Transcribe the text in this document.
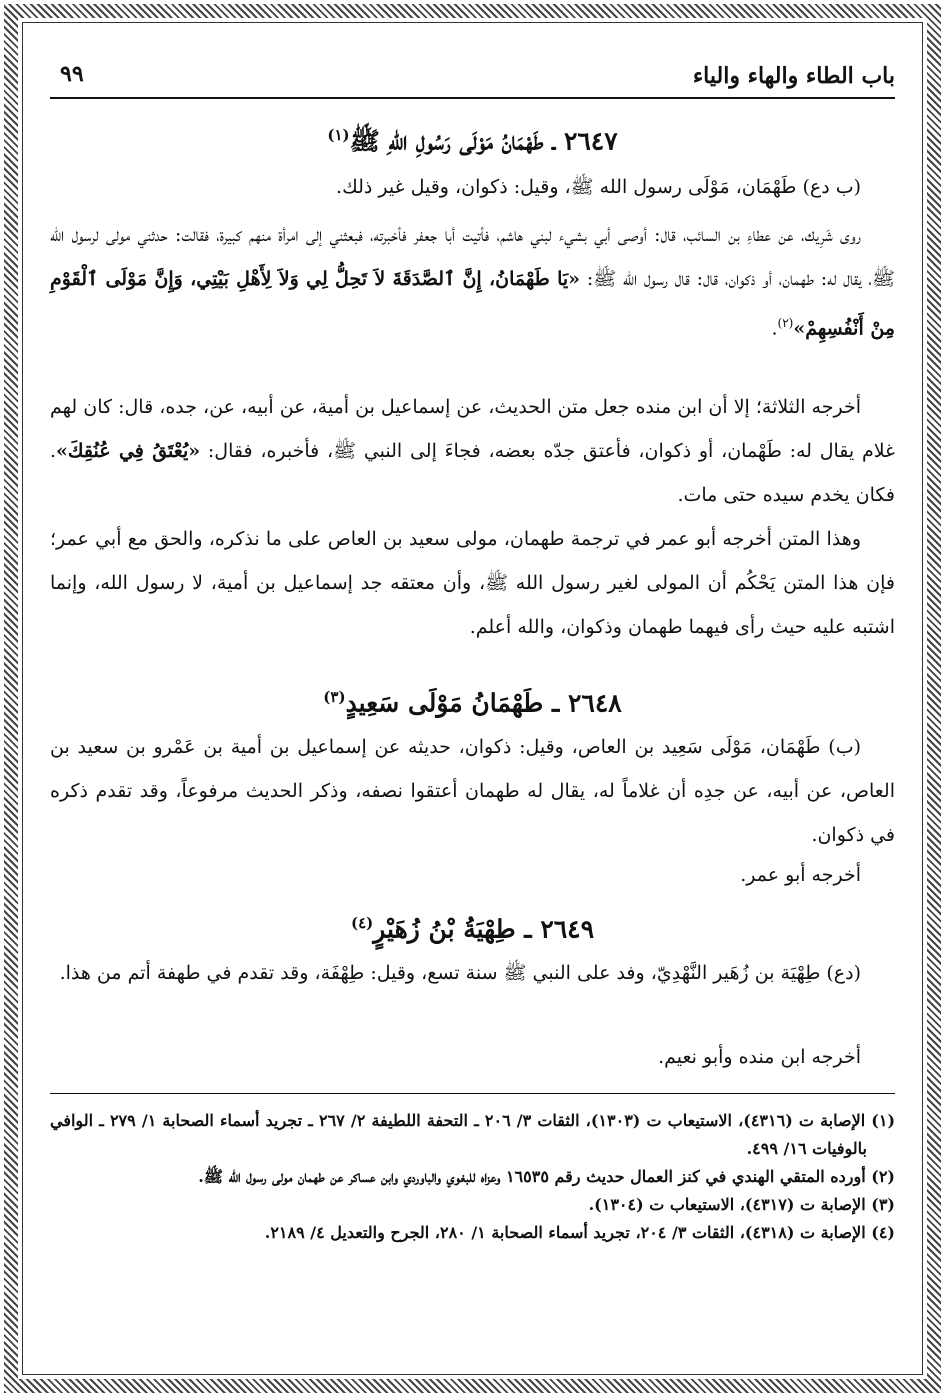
باب الطاء والهاء والياء
٩٩
٢٦٤٧ ـ طَهْمَانُ مَوْلَى رَسُولِ اللهِ ﷺ$^{(١)}$

(ب دع) طَهْمَان، مَوْلَى رسول الله ﷺ، وقيل: ذكوان، وقيل غير ذلك.

روى شَرِيك، عن عطاءِ بن السائب، قال: أوصى أبي بشيء لبني هاشم، فأتيت أبا جعفر فأخبرته، فبعثني إلى امرأة منهم كبيرة، فقالت: حدثني مولى لرسول الله ﷺ، يقال له: طهمان، أو ذكوان، قال: قال رسول الله ﷺ: «يَا طَهْمَانُ، إِنَّ ٱلصَّدَقَةَ لاَ تَحِلُّ لِي وَلاَ لِأَهْلِ بَيْتِي، وَإِنَّ مَوْلَى ٱلْقَوْمِ مِنْ أَنْفُسِهِمْ»$^{(٢)}$.

أخرجه الثلاثة؛ إلا أن ابن منده جعل متن الحديث، عن إسماعيل بن أمية، عن أبيه، عن، جده، قال: كان لهم غلام يقال له: طَهْمان، أو ذكوان، فأعتق جدّه بعضه، فجاءَ إلى النبي ﷺ، فأخبره، فقال: «يُعْتَقُ فِي عُنُقِكَ». فكان يخدم سيده حتى مات.

وهذا المتن أخرجه أبو عمر في ترجمة طهمان، مولى سعيد بن العاص على ما نذكره، والحق مع أبي عمر؛ فإن هذا المتن يَحْكُم أن المولى لغير رسول الله ﷺ، وأن معتقه جد إسماعيل بن أمية، لا رسول الله، وإنما اشتبه عليه حيث رأى فيهما طهمان وذكوان، والله أعلم.

٢٦٤٨ ـ طَهْمَانُ مَوْلَى سَعِيدٍ$^{(٣)}$

(ب) طَهْمَان، مَوْلَى سَعِيد بن العاص، وقيل: ذكوان، حديثه عن إسماعيل بن أمية بن عَمْرو بن سعيد بن العاص، عن أبيه، عن جدِه أن غلاماً له، يقال له طهمان أعتقوا نصفه، وذكر الحديث مرفوعاً، وقد تقدم ذكره في ذكوان.

أخرجه أبو عمر.

٢٦٤٩ ـ طِهْيَةُ بْنُ زُهَيْرٍ$^{(٤)}$

(دع) طِهْيَة بن زُهَير النَّهْدِيّ، وفد على النبي ﷺ سنة تسع، وقيل: طِهْفَة، وقد تقدم في طهفة أتم من هذا.

أخرجه ابن منده وأبو نعيم.

(١) الإصابة ت (٤٣١٦)، الاستيعاب ت (١٣٠٣)، الثقات ٣/ ٢٠٦ ـ التحفة اللطيفة ٢/ ٢٦٧ ـ تجريد أسماء الصحابة ١/ ٢٧٩ ـ الوافي بالوفيات ١٦/ ٤٩٩.

(٢) أورده المتقي الهندي في كنز العمال حديث رقم ١٦٥٣٥ وعزاه للبغوي والباوردي وابن عساكر عن طهمان مولى رسول الله ﷺ.

(٣) الإصابة ت (٤٣١٧)، الاستيعاب ت (١٣٠٤).

(٤) الإصابة ت (٤٣١٨)، الثقات ٣/ ٢٠٤، تجريد أسماء الصحابة ١/ ٢٨٠، الجرح والتعديل ٤/ ٢١٨٩.
